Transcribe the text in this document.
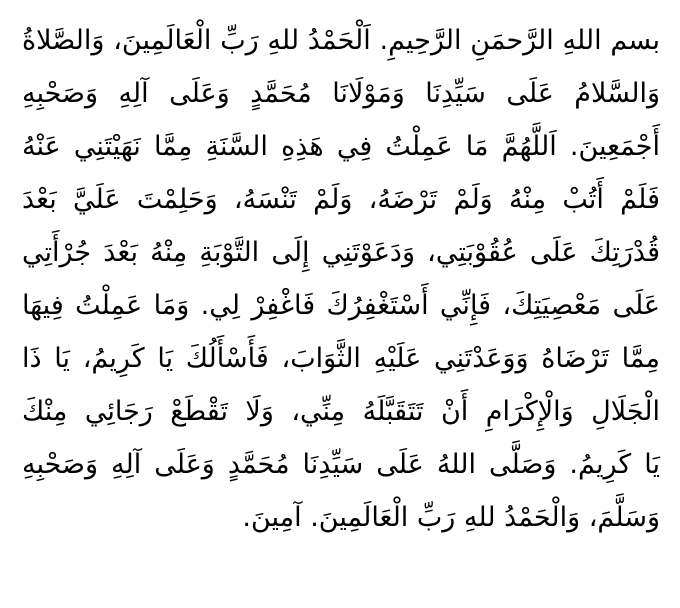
بسم اللهِ الرَّحمَنِ الرَّحِيمِ. اَلْحَمْدُ للهِ رَبِّ الْعَالَمِينَ، وَالصَّلاةُ
وَالسَّلامُ عَلَى سَيِّدِنَا وَمَوْلَانَا مُحَمَّدٍ وَعَلَى آلِهِ وَصَحْبِهِ
أَجْمَعِينَ. اَللَّهُمَّ مَا عَمِلْتُ فِي هَذِهِ السَّنَةِ مِمَّا نَهَيْتَنِي عَنْهُ
فَلَمْ أَتُبْ مِنْهُ وَلَمْ تَرْضَهُ، وَلَمْ تَنْسَهُ، وَحَلِمْتَ عَلَيَّ بَعْدَ
قُدْرَتِكَ عَلَى عُقُوْبَتِي، وَدَعَوْتَنِي إِلَى التَّوْبَةِ مِنْهُ بَعْدَ جُرْأَتِي
عَلَى مَعْصِيَتِكَ، فَإِنِّي أَسْتَغْفِرُكَ فَاغْفِرْ لِي. وَمَا عَمِلْتُ فِيهَا
مِمَّا تَرْضَاهُ وَوَعَدْتَنِي عَلَيْهِ الثَّوَابَ، فَأَسْأَلُكَ يَا كَرِيمُ، يَا ذَا
الْجَلَالِ وَالْإِكْرَامِ أَنْ تَتَقَبَّلَهُ مِنِّي، وَلَا تَقْطَعْ رَجَائِي مِنْكَ
يَا كَرِيمُ. وَصَلَّى اللهُ عَلَى سَيِّدِنَا مُحَمَّدٍ وَعَلَى آلِهِ وَصَحْبِهِ
وَسَلَّمَ، وَالْحَمْدُ للهِ رَبِّ الْعَالَمِينَ. آمِينَ.
